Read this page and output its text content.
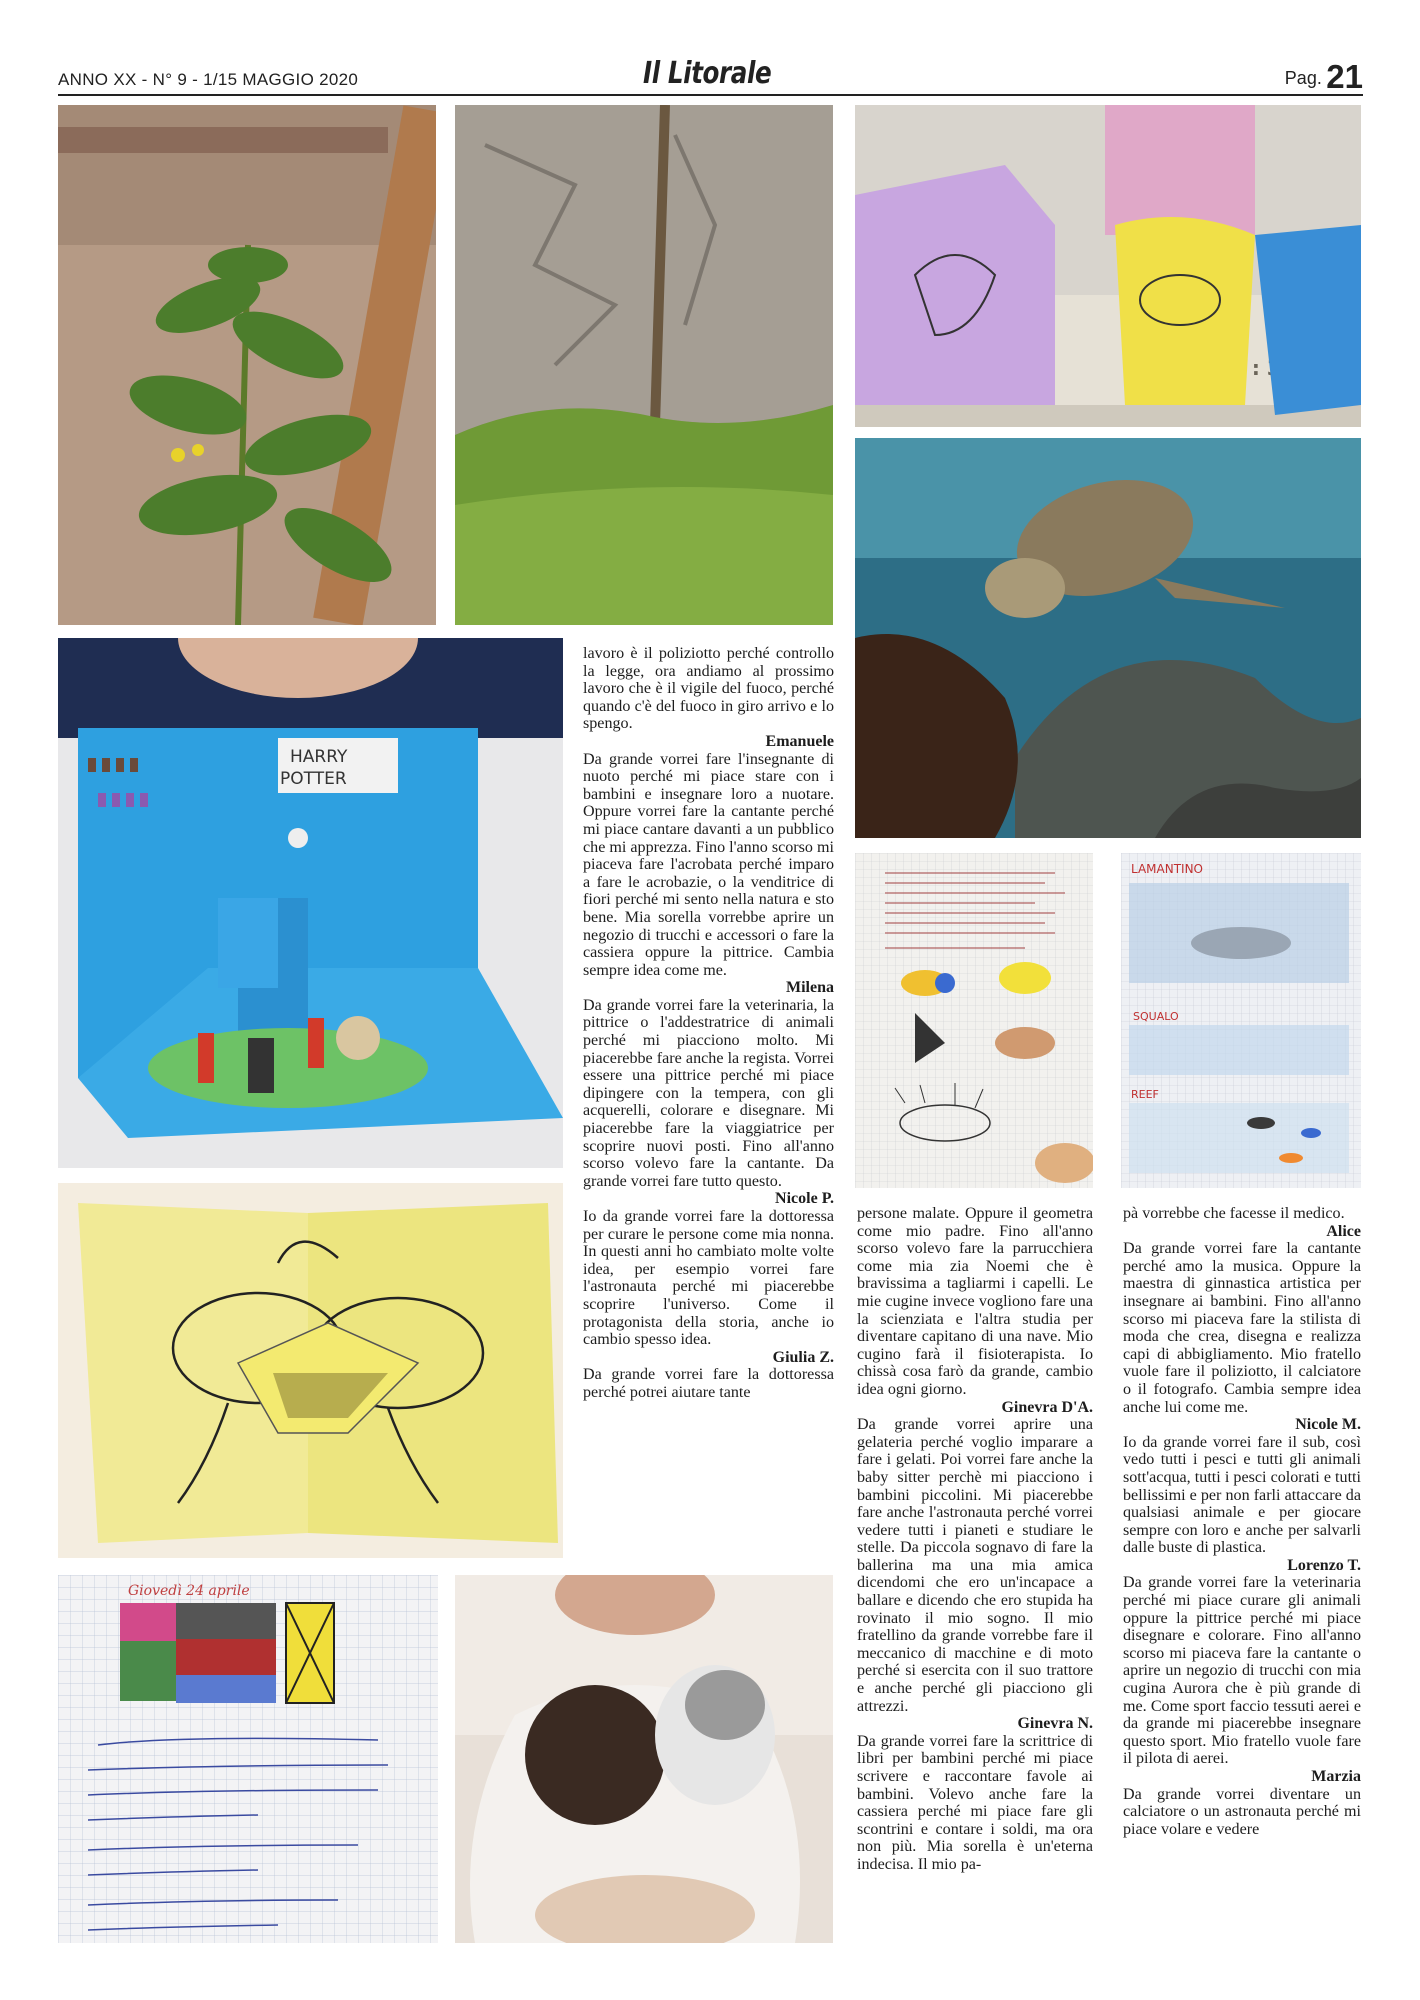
ANNO XX - N° 9 - 1/15 MAGGIO 2020	Il Litorale	Pag. 21
:
HARRY
POTTER
Giovedì 24 aprile
LAMANTINO
SQUALO
REEF

lavoro è il poliziotto perché controllo la legge, ora andiamo al prossimo lavoro che è il vigile del fuoco, perché quando c'è del fuoco in giro arrivo e lo spengo.

Emanuele

Da grande vorrei fare l'insegnante di nuoto perché mi piace stare con i bambini e insegnare loro a nuotare. Oppure vorrei fare la cantante perché mi piace cantare davanti a un pubblico che mi apprezza. Fino l'anno scorso mi piaceva fare l'acrobata perché imparo a fare le acrobazie, o la venditrice di fiori perché mi sento nella natura e sto bene. Mia sorella vorrebbe aprire un negozio di trucchi e accessori o fare la cassiera oppure la pittrice. Cambia sempre idea come me.

Milena

Da grande vorrei fare la veterinaria, la pittrice o l'addestratrice di animali perché mi piacciono molto. Mi piacerebbe fare anche la regista. Vorrei essere una pittrice perché mi piace dipingere con la tempera, con gli acquerelli, colorare e disegnare. Mi piacerebbe fare la viaggiatrice per scoprire nuovi posti. Fino all'anno scorso volevo fare la cantante. Da grande vorrei fare tutto questo.

Nicole P.

Io da grande vorrei fare la dottoressa per curare le persone come mia nonna. In questi anni ho cambiato molte volte idea, per esempio vorrei fare l'astronauta perché mi piacerebbe scoprire l'universo. Come il protagonista della storia, anche io cambio spesso idea.

Giulia Z.

Da grande vorrei fare la dottoressa perché potrei aiutare tante

persone malate. Oppure il geometra come mio padre. Fino all'anno scorso volevo fare la parrucchiera come mia zia Noemi che è bravissima a tagliarmi i capelli. Le mie cugine invece vogliono fare una la scienziata e l'altra studia per diventare capitano di una nave. Mio cugino farà il fisioterapista. Io chissà cosa farò da grande, cambio idea ogni giorno.

Ginevra D'A.

Da grande vorrei aprire una gelateria perché voglio imparare a fare i gelati. Poi vorrei fare anche la baby sitter perchè mi piacciono i bambini piccolini. Mi piacerebbe fare anche l'astronauta perché vorrei vedere tutti i pianeti e studiare le stelle. Da piccola sognavo di fare la ballerina ma una mia amica dicendomi che ero un'incapace a ballare e dicendo che ero stupida ha rovinato il mio sogno. Il mio fratellino da grande vorrebbe fare il meccanico di macchine e di moto perché si esercita con il suo trattore e anche perché gli piacciono gli attrezzi.

Ginevra N.

Da grande vorrei fare la scrittrice di libri per bambini perché mi piace scrivere e raccontare favole ai bambini. Volevo anche fare la cassiera perché mi piace fare gli scontrini e contare i soldi, ma ora non più. Mia sorella è un'eterna indecisa. Il mio pa-

pà vorrebbe che facesse il medico.

Alice

Da grande vorrei fare la cantante perché amo la musica. Oppure la maestra di ginnastica artistica per insegnare ai bambini. Fino all'anno scorso mi piaceva fare la stilista di moda che crea, disegna e realizza capi di abbigliamento. Mio fratello vuole fare il poliziotto, il calciatore o il fotografo. Cambia sempre idea anche lui come me.

Nicole M.

Io da grande vorrei fare il sub, così vedo tutti i pesci e tutti gli animali sott'acqua, tutti i pesci colorati e tutti bellissimi e per non farli attaccare da qualsiasi animale e per giocare sempre con loro e anche per salvarli dalle buste di plastica.

Lorenzo T.

Da grande vorrei fare la veterinaria perché mi piace curare gli animali oppure la pittrice perché mi piace disegnare e colorare. Fino all'anno scorso mi piaceva fare la cantante o aprire un negozio di trucchi con mia cugina Aurora che è più grande di me. Come sport faccio tessuti aerei e da grande mi piacerebbe insegnare questo sport. Mio fratello vuole fare il pilota di aerei.

Marzia

Da grande vorrei diventare un calciatore o un astronauta perché mi piace volare e vedere
